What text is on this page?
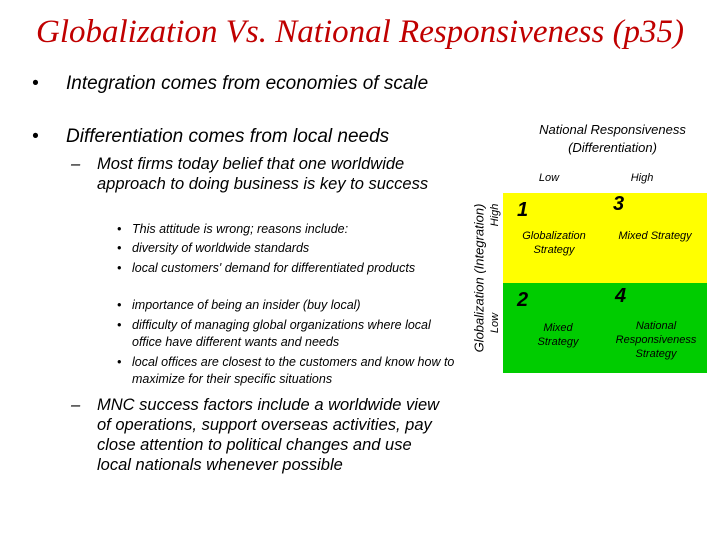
Globalization Vs. National Responsiveness (p35)
• Integration comes from economies of scale
• Differentiation comes from local needs
– Most firms today belief that one worldwide approach to doing business is key to success
• This attitude is wrong; reasons include:
• diversity of worldwide standards
• local customers' demand for differentiated products
• importance of being an insider (buy local)
• difficulty of managing global organizations where local office have different wants and needs
• local offices are closest to the customers and know how to maximize for their specific situations
– MNC success factors include a worldwide view of operations, support overseas activities, pay close attention to political changes and use local nationals whenever possible
National Responsiveness (Differentiation)
Low	High
Globalization (Integration) High
Low
1
Globalization Strategy
3
Mixed Strategy
2
Mixed Strategy
4
National Responsiveness Strategy
